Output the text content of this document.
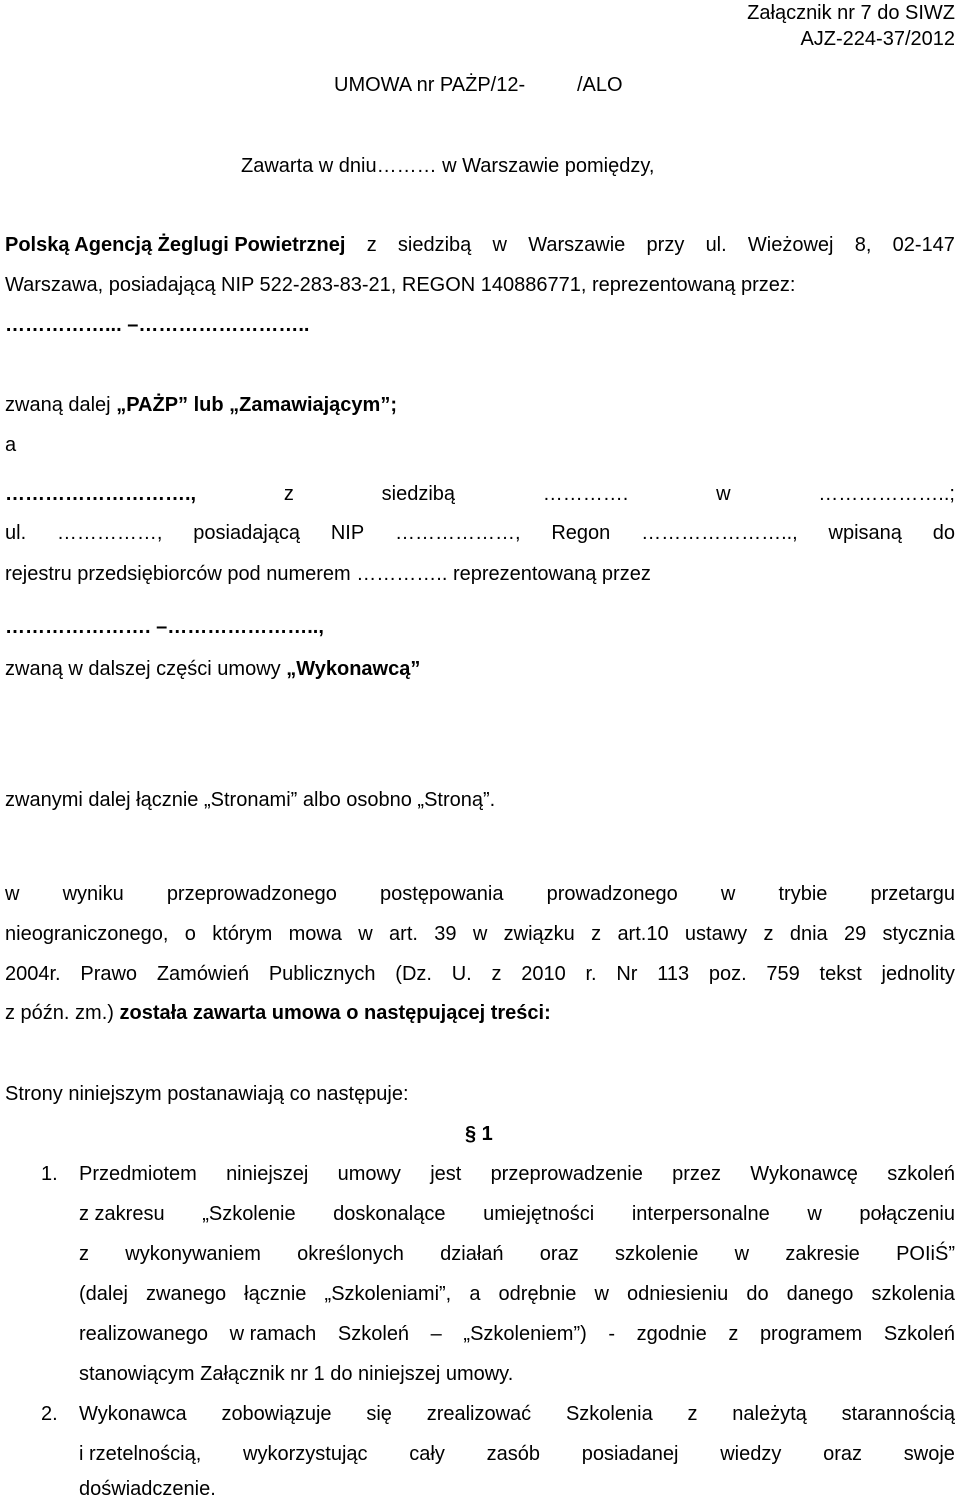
Załącznik nr 7 do SIWZ
AJZ-224-37/2012
UMOWA nr PAŻP/12-	/ALO
Zawarta w dniu……… w Warszawie pomiędzy,
Polską Agencją Żeglugi Powietrznej z siedzibą w Warszawie przy ul. Wieżowej 8, 02-147
Warszawa, posiadającą NIP 522-283-83-21, REGON 140886771, reprezentowaną przez:
……………... –……………………..
zwaną dalej „PAŻP” lub „Zamawiającym”;
a
……………………….,	z	siedzibą	………….	w	………………..;
ul. ……………, posiadającą NIP ………………, Regon ………………….., wpisaną do
rejestru przedsiębiorców pod numerem ………….. reprezentowaną przez
…………………. –…………………..,
zwaną w dalszej części umowy „Wykonawcą”
zwanymi dalej łącznie „Stronami” albo osobno „Stroną”.
w wyniku przeprowadzonego postępowania prowadzonego w trybie przetargu
nieograniczonego, o którym mowa w art. 39 w związku z art.10 ustawy z dnia 29 stycznia
2004r. Prawo Zamówień Publicznych (Dz. U. z 2010 r. Nr 113 poz. 759 tekst jednolity
z późn. zm.) została zawarta umowa o następującej treści:
Strony niniejszym postanawiają co następuje:
§ 1
1. Przedmiotem niniejszej umowy jest przeprowadzenie przez Wykonawcę szkoleń
z zakresu „Szkolenie doskonalące umiejętności interpersonalne w połączeniu
z wykonywaniem określonych działań oraz szkolenie w zakresie POIiŚ”
(dalej zwanego łącznie „Szkoleniami”, a odrębnie w odniesieniu do danego szkolenia
realizowanego w ramach Szkoleń – „Szkoleniem”) - zgodnie z programem Szkoleń
stanowiącym Załącznik nr 1 do niniejszej umowy.
2. Wykonawca zobowiązuje się zrealizować Szkolenia z należytą starannością
i rzetelnością, wykorzystując cały zasób posiadanej wiedzy oraz swoje
doświadczenie.
